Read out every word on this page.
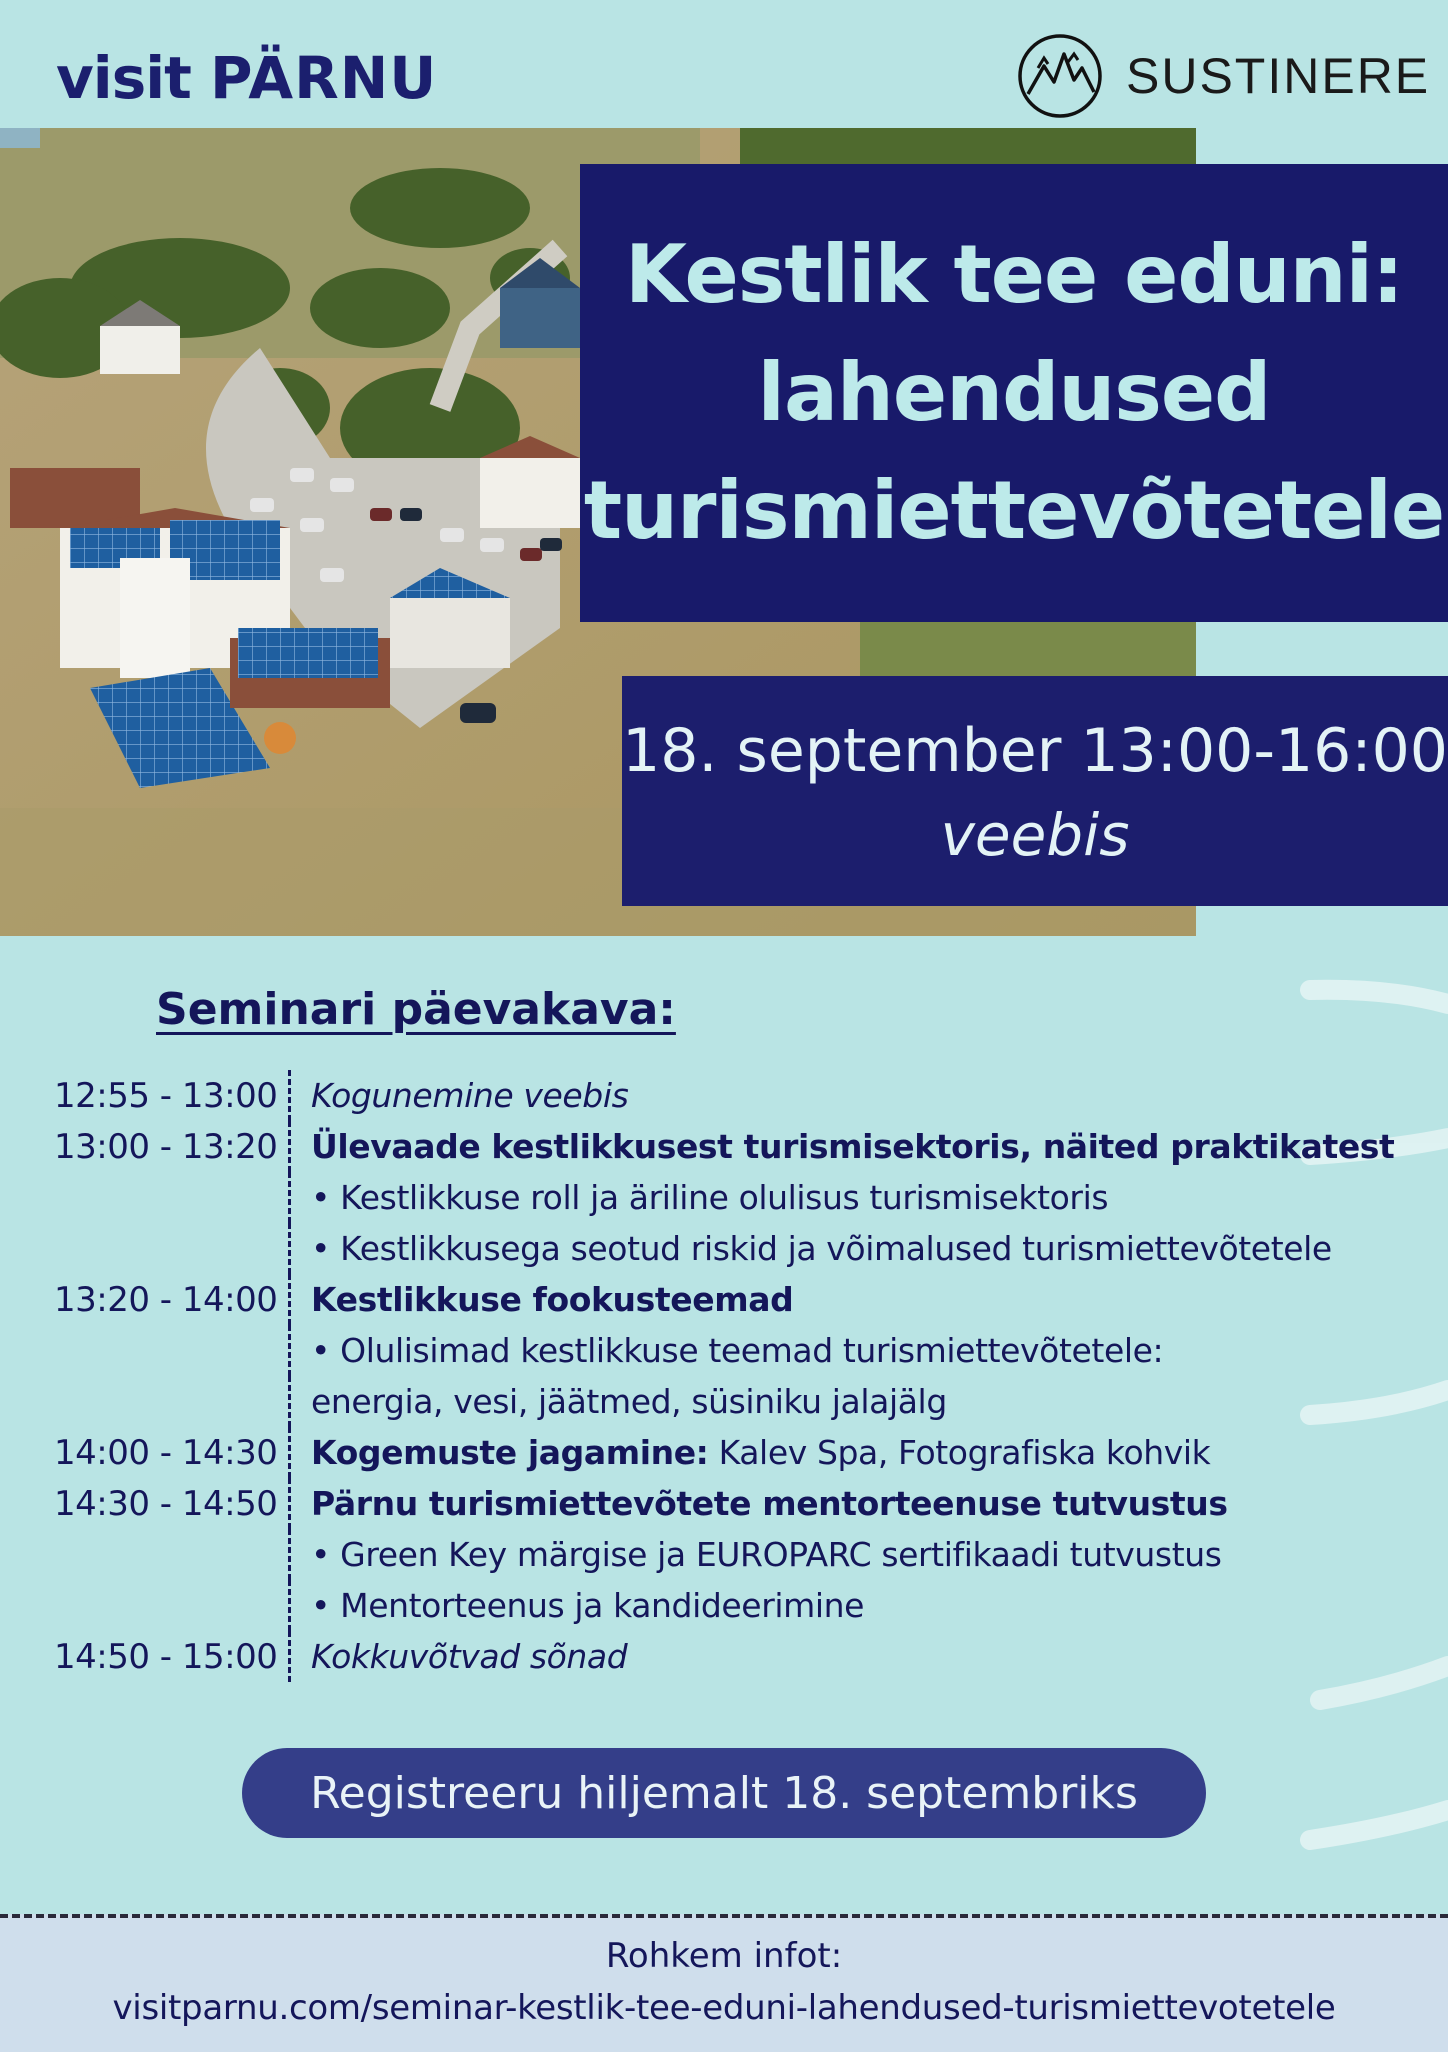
visit PÄRNU	SUSTINERE
Kestlik tee eduni:
lahendused
turismiettevõtetele
18. september 13:00-16:00
veebis
Seminari päevakava:
12:55 - 13:00 Kogunemine veebis
13:00 - 13:20 Ülevaade kestlikkusest turismisektoris, näited praktikatest
• Kestlikkuse roll ja äriline olulisus turismisektoris
• Kestlikkusega seotud riskid ja võimalused turismiettevõtetele
13:20 - 14:00 Kestlikkuse fookusteemad
• Olulisimad kestlikkuse teemad turismiettevõtetele:
energia, vesi, jäätmed, süsiniku jalajälg
14:00 - 14:30 Kogemuste jagamine: Kalev Spa, Fotografiska kohvik
14:30 - 14:50 Pärnu turismiettevõtete mentorteenuse tutvustus
• Green Key märgise ja EUROPARC sertifikaadi tutvustus
• Mentorteenus ja kandideerimine
14:50 - 15:00 Kokkuvõtvad sõnad
Registreeru hiljemalt 18. septembriks
Rohkem infot:
visitparnu.com/seminar-kestlik-tee-eduni-lahendused-turismiettevotetele
